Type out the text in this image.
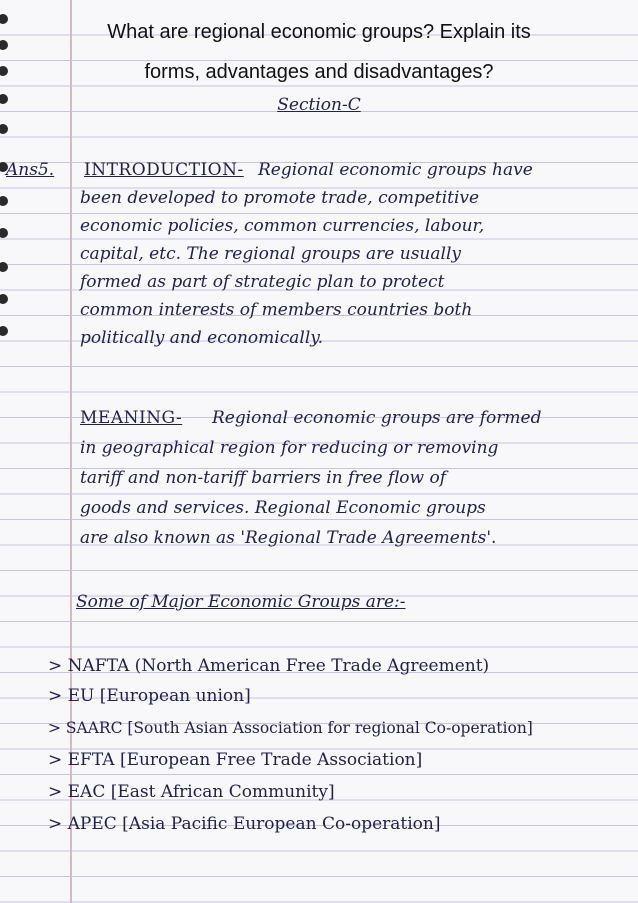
What are regional economic groups? Explain its
forms, advantages and disadvantages?
Section-C
Ans5. INTRODUCTION- Regional economic groups have
been developed to promote trade, competitive
economic policies, common currencies, labour,
capital, etc. The regional groups are usually
formed as part of strategic plan to protect
common interests of members countries both
politically and economically.
MEANING- Regional economic groups are formed
in geographical region for reducing or removing
tariff and non-tariff barriers in free flow of
goods and services. Regional Economic groups
are also known as 'Regional Trade Agreements'.
Some of Major Economic Groups are:-
> NAFTA (North American Free Trade Agreement)
> EU [European union]
> SAARC [South Asian Association for regional Co-operation]
> EFTA [European Free Trade Association]
> EAC [East African Community]
> APEC [Asia Pacific European Co-operation]
